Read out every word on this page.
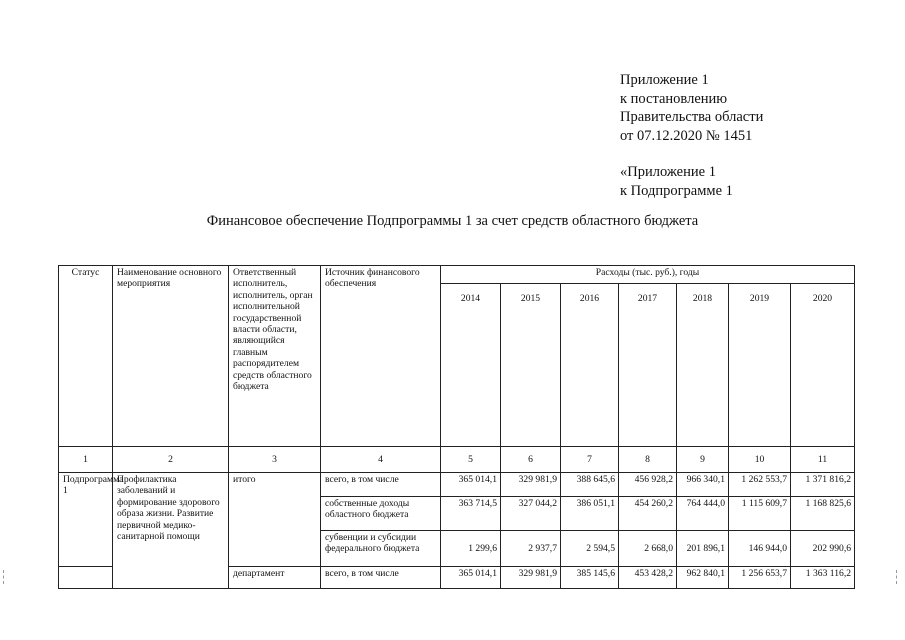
Приложение 1
к постановлению
Правительства области
от 07.12.2020 № 1451
«Приложение 1
к Подпрограмме 1
Финансовое обеспечение Подпрограммы 1 за счет средств областного бюджета
Статус	Наименование основного мероприятия	Ответственный исполнитель, исполнитель, орган исполнительной государственной власти области, являющийся главным распорядителем средств областного бюджета	Источник финансового обеспечения	Расходы (тыс. руб.), годы						
				2014	2015	2016	2017	2018	2019	2020
1	2	3	4	5	6	7	8	9	10	11
Подпрограмма 1	Профилактика заболеваний и формирование здорового образа жизни. Развитие первичной медико-санитарной помощи	итого	всего, в том числе	365 014,1	329 981,9	388 645,6	456 928,2	966 340,1	1 262 553,7	1 371 816,2
			собственные доходы областного бюджета	363 714,5	327 044,2	386 051,1	454 260,2	764 444,0	1 115 609,7	1 168 825,6
			субвенции и субсидии федерального бюджета	1 299,6	2 937,7	2 594,5	2 668,0	201 896,1	146 944,0	202 990,6
		департамент	всего, в том числе	365 014,1	329 981,9	385 145,6	453 428,2	962 840,1	1 256 653,7	1 363 116,2
